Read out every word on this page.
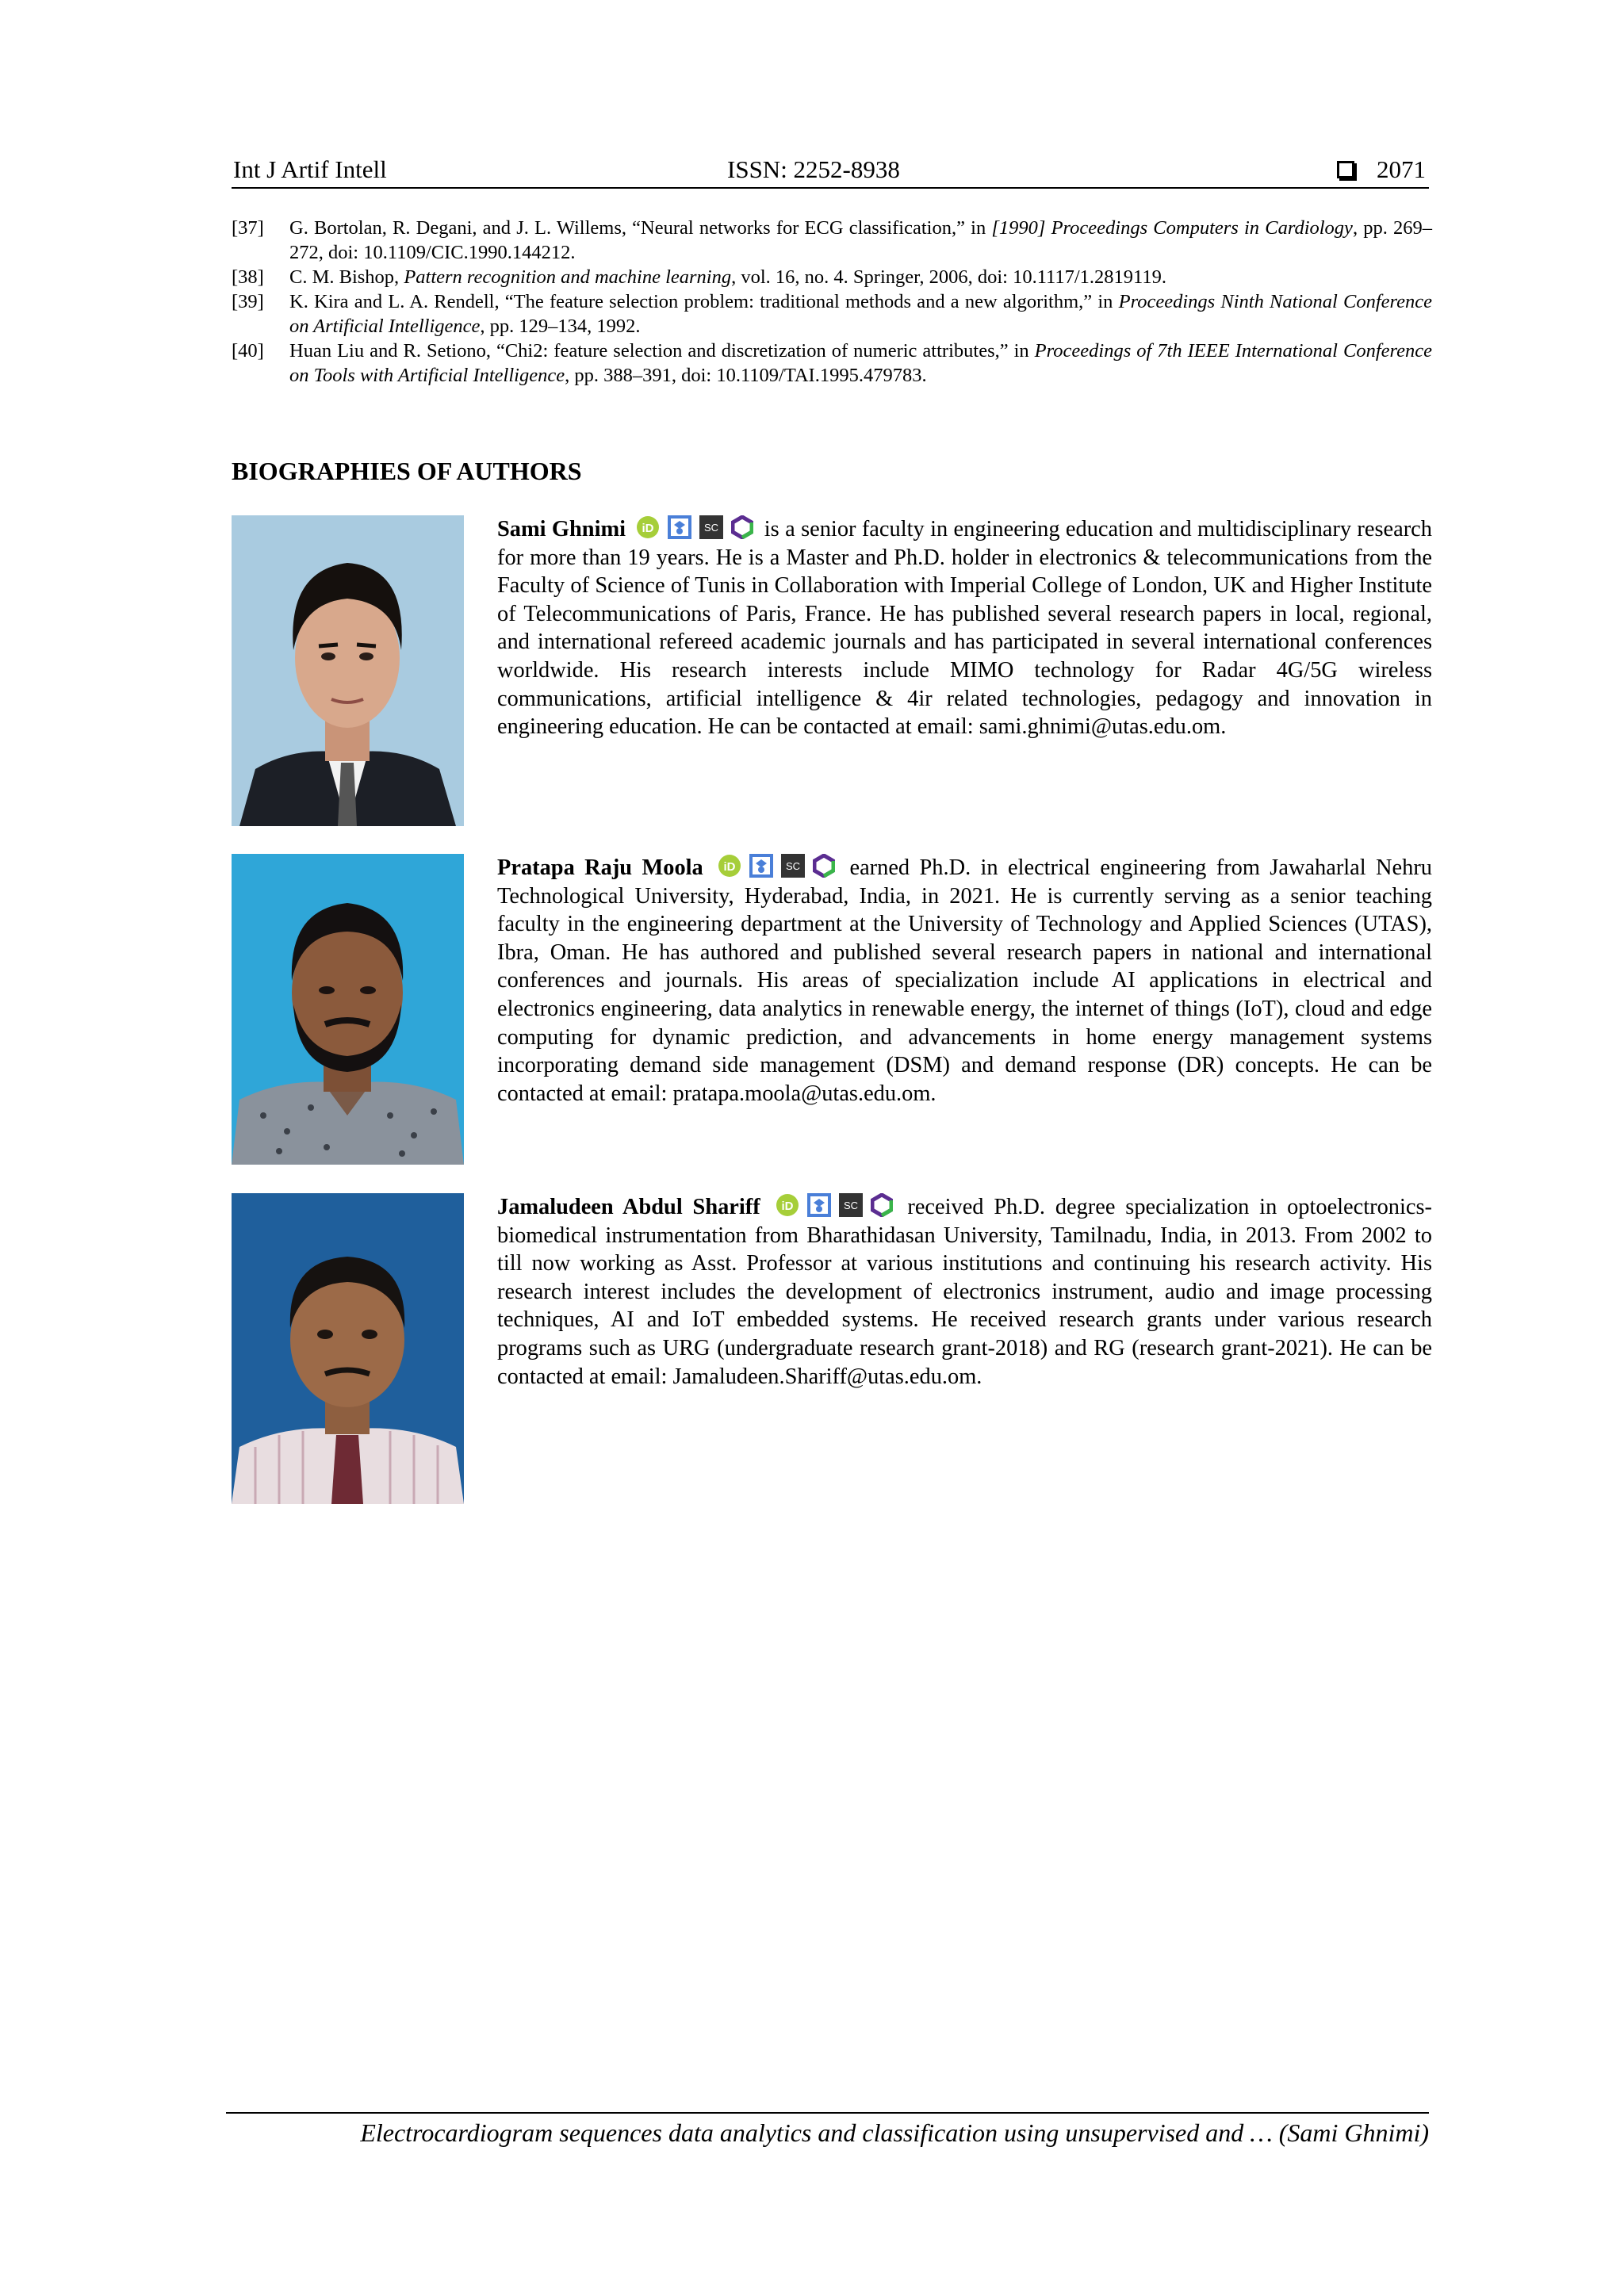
Int J Artif Intell	ISSN: 2252-8938	2071
[37]	G. Bortolan, R. Degani, and J. L. Willems, “Neural networks for ECG classification,” in [1990] Proceedings Computers in Cardiology, pp. 269–272, doi: 10.1109/CIC.1990.144212.
[38]	C. M. Bishop, Pattern recognition and machine learning, vol. 16, no. 4. Springer, 2006, doi: 10.1117/1.2819119.
[39]	K. Kira and L. A. Rendell, “The feature selection problem: traditional methods and a new algorithm,” in Proceedings Ninth National Conference on Artificial Intelligence, pp. 129–134, 1992.
[40]	Huan Liu and R. Setiono, “Chi2: feature selection and discretization of numeric attributes,” in Proceedings of 7th IEEE International Conference on Tools with Artificial Intelligence, pp. 388–391, doi: 10.1109/TAI.1995.479783.
BIOGRAPHIES OF AUTHORS
Sami Ghnimi iD	SC is a senior faculty in engineering education and multidisciplinary research for more than 19 years. He is a Master and Ph.D. holder in electronics & telecommunications from the Faculty of Science of Tunis in Collaboration with Imperial College of London, UK and Higher Institute of Telecommunications of Paris, France. He has published several research papers in local, regional, and international refereed academic journals and has participated in several international conferences worldwide. His research interests include MIMO technology for Radar 4G/5G wireless communications, artificial intelligence & 4ir related technologies, pedagogy and innovation in engineering education. He can be contacted at email: sami.ghnimi@utas.edu.om.
Pratapa Raju Moola iD	SC earned Ph.D. in electrical engineering from Jawaharlal Nehru Technological University, Hyderabad, India, in 2021. He is currently serving as a senior teaching faculty in the engineering department at the University of Technology and Applied Sciences (UTAS), Ibra, Oman. He has authored and published several research papers in national and international conferences and journals. His areas of specialization include AI applications in electrical and electronics engineering, data analytics in renewable energy, the internet of things (IoT), cloud and edge computing for dynamic prediction, and advancements in home energy management systems incorporating demand side management (DSM) and demand response (DR) concepts. He can be contacted at email: pratapa.moola@utas.edu.om.
Jamaludeen Abdul Shariff iD	SC received Ph.D. degree specialization in optoelectronics-biomedical instrumentation from Bharathidasan University, Tamilnadu, India, in 2013. From 2002 to till now working as Asst. Professor at various institutions and continuing his research activity. His research interest includes the development of electronics instrument, audio and image processing techniques, AI and IoT embedded systems. He received research grants under various research programs such as URG (undergraduate research grant-2018) and RG (research grant-2021). He can be contacted at email: Jamaludeen.Shariff@utas.edu.om.
Electrocardiogram sequences data analytics and classification using unsupervised and … (Sami Ghnimi)
